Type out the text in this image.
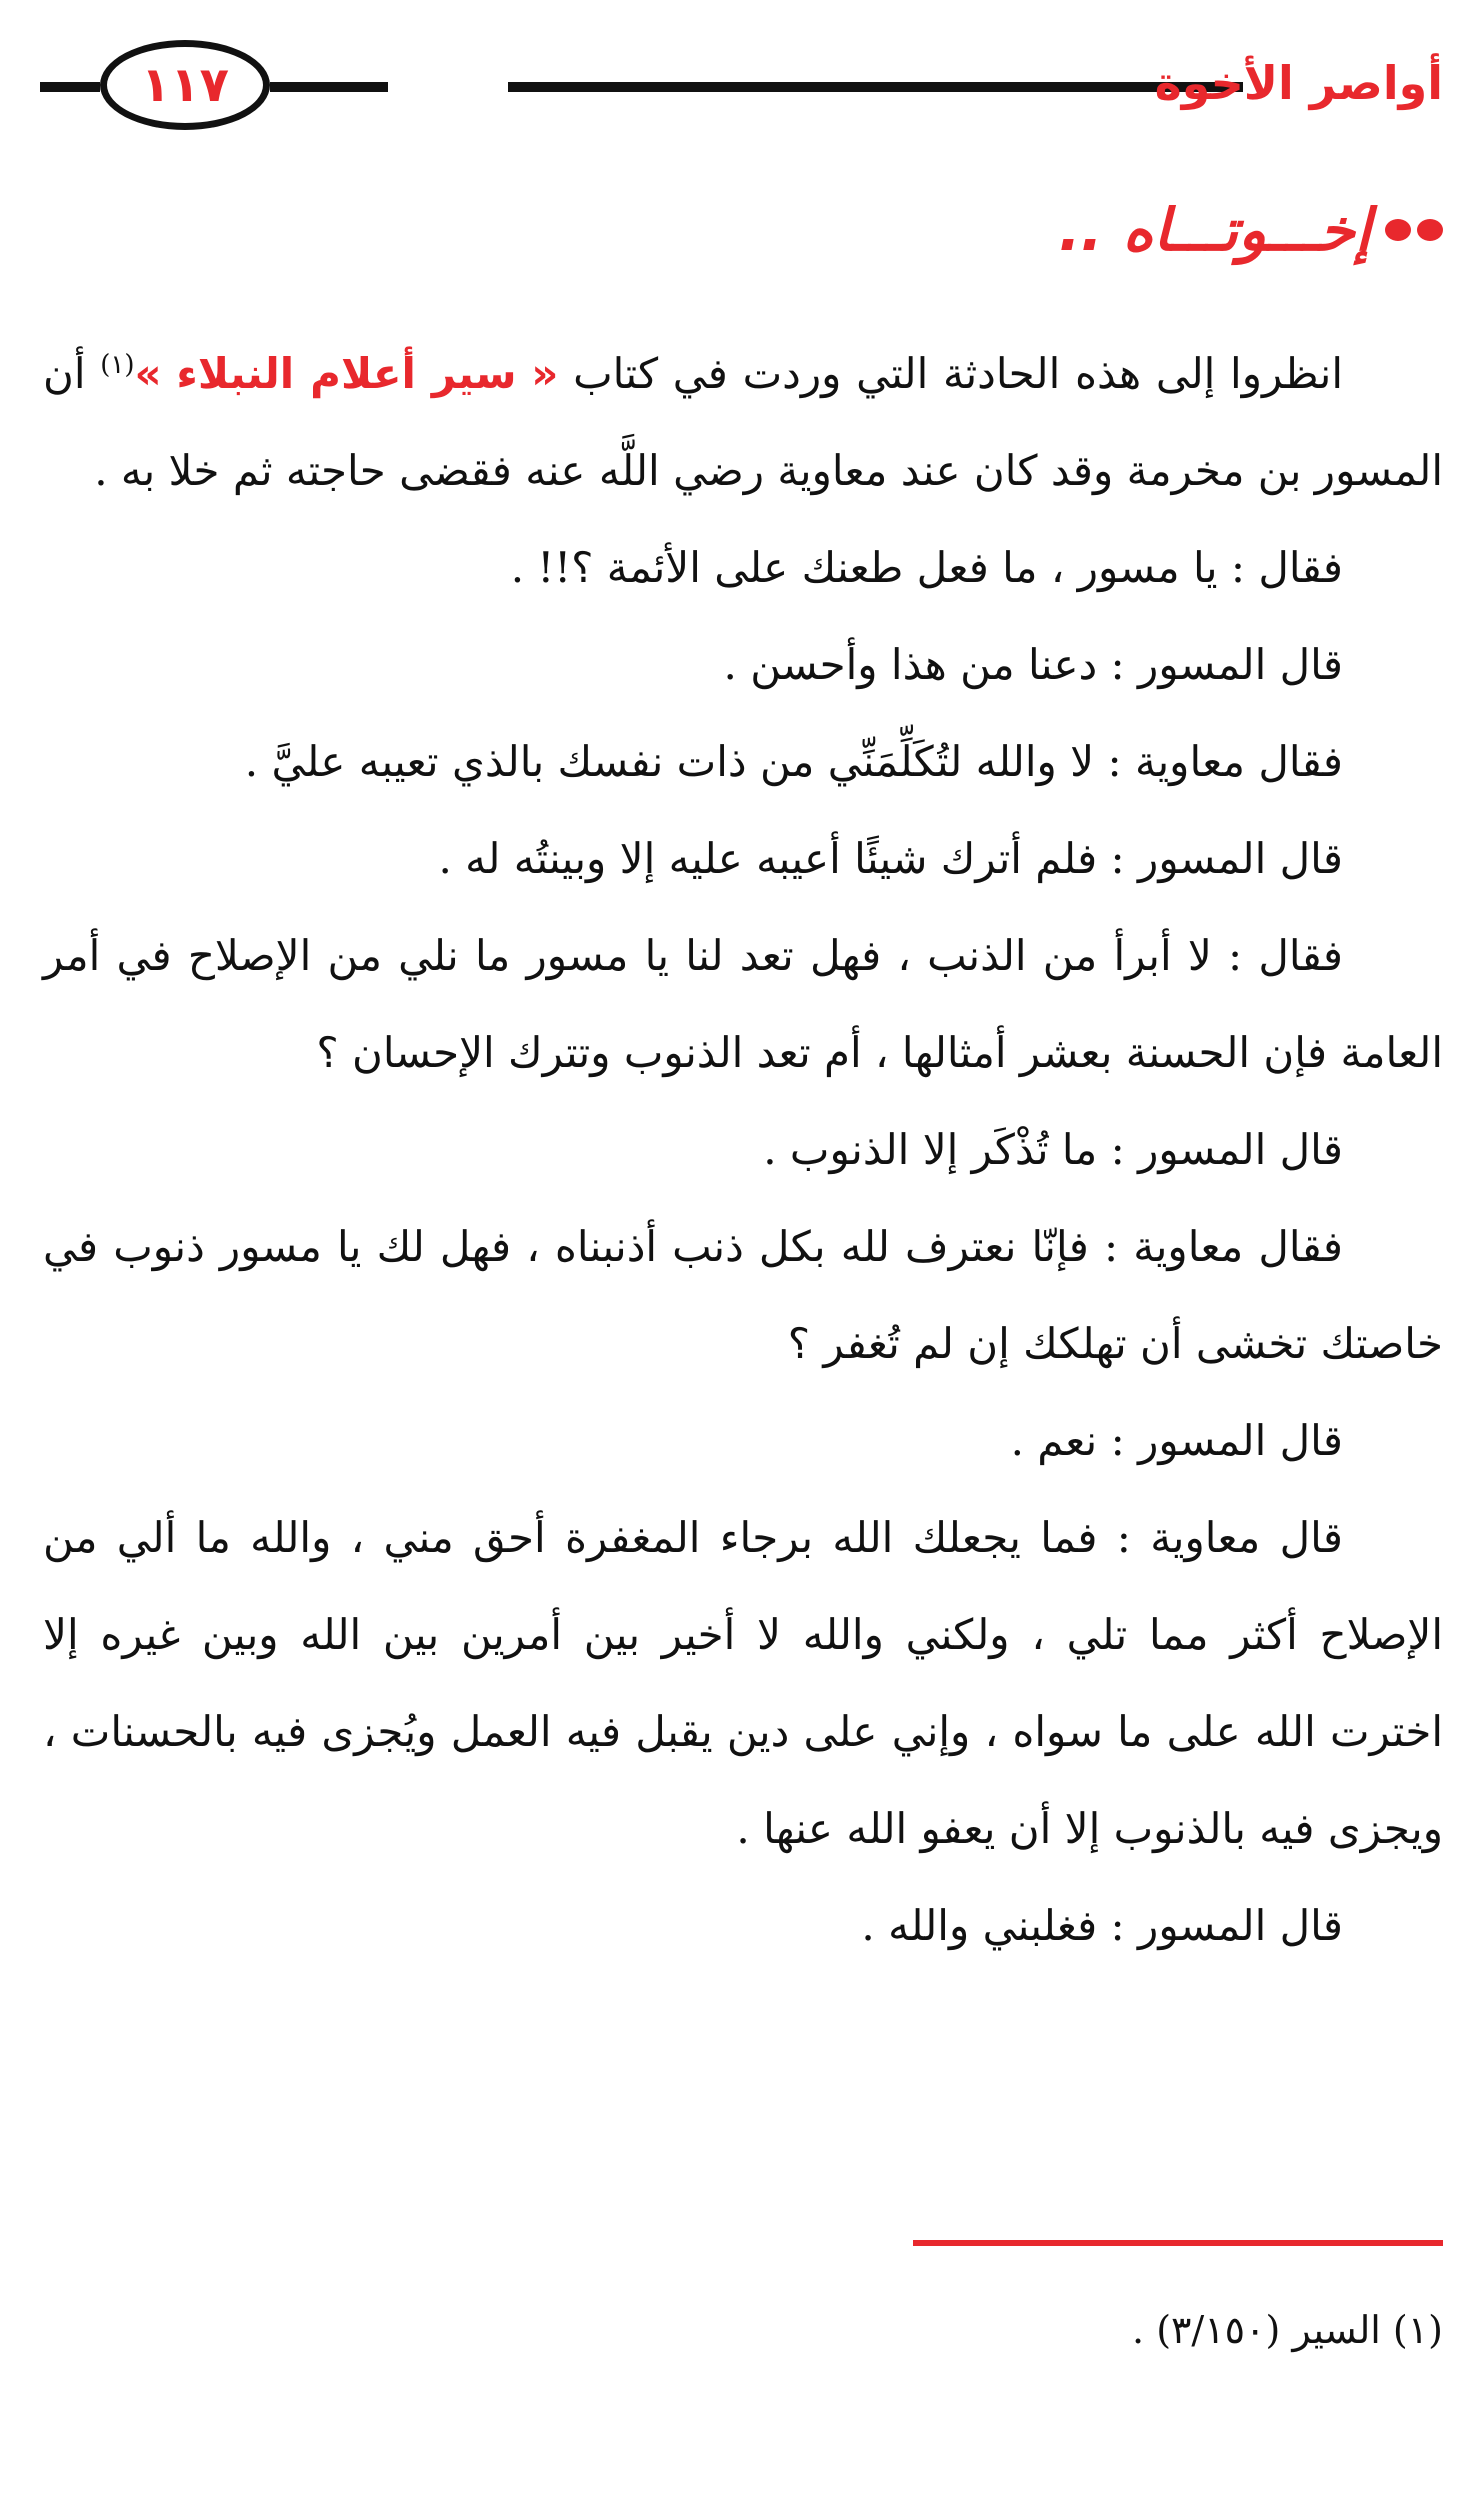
أواصر الأخوة
١١٧
إخـــوتـــاه ..

انظروا إلى هذه الحادثة التي وردت في كتاب « سير أعلام النبلاء »$^{(١)}$ أن المسور بن مخرمة وقد كان عند معاوية رضي اللَّه عنه فقضى حاجته ثم خلا به .

فقال : يا مسور ، ما فعل طعنك على الأئمة ؟!! .

قال المسور : دعنا من هذا وأحسن .

فقال معاوية : لا والله لتُكَلِّمَنِّي من ذات نفسك بالذي تعيبه عليَّ .

قال المسور : فلم أترك شيئًا أعيبه عليه إلا وبينتُه له .

فقال : لا أبرأ من الذنب ، فهل تعد لنا يا مسور ما نلي من الإصلاح في أمر العامة فإن الحسنة بعشر أمثالها ، أم تعد الذنوب وتترك الإحسان ؟

قال المسور : ما تُذْكَر إلا الذنوب .

فقال معاوية : فإنّا نعترف لله بكل ذنب أذنبناه ، فهل لك يا مسور ذنوب في خاصتك تخشى أن تهلكك إن لم تُغفر ؟

قال المسور : نعم .

قال معاوية : فما يجعلك الله برجاء المغفرة أحق مني ، والله ما ألي من الإصلاح أكثر مما تلي ، ولكني والله لا أخير بين أمرين بين الله وبين غيره إلا اخترت الله على ما سواه ، وإني على دين يقبل فيه العمل ويُجزى فيه بالحسنات ، ويجزى فيه بالذنوب إلا أن يعفو الله عنها .

قال المسور : فغلبني والله .

(١) السير (٣/١٥٠) .
